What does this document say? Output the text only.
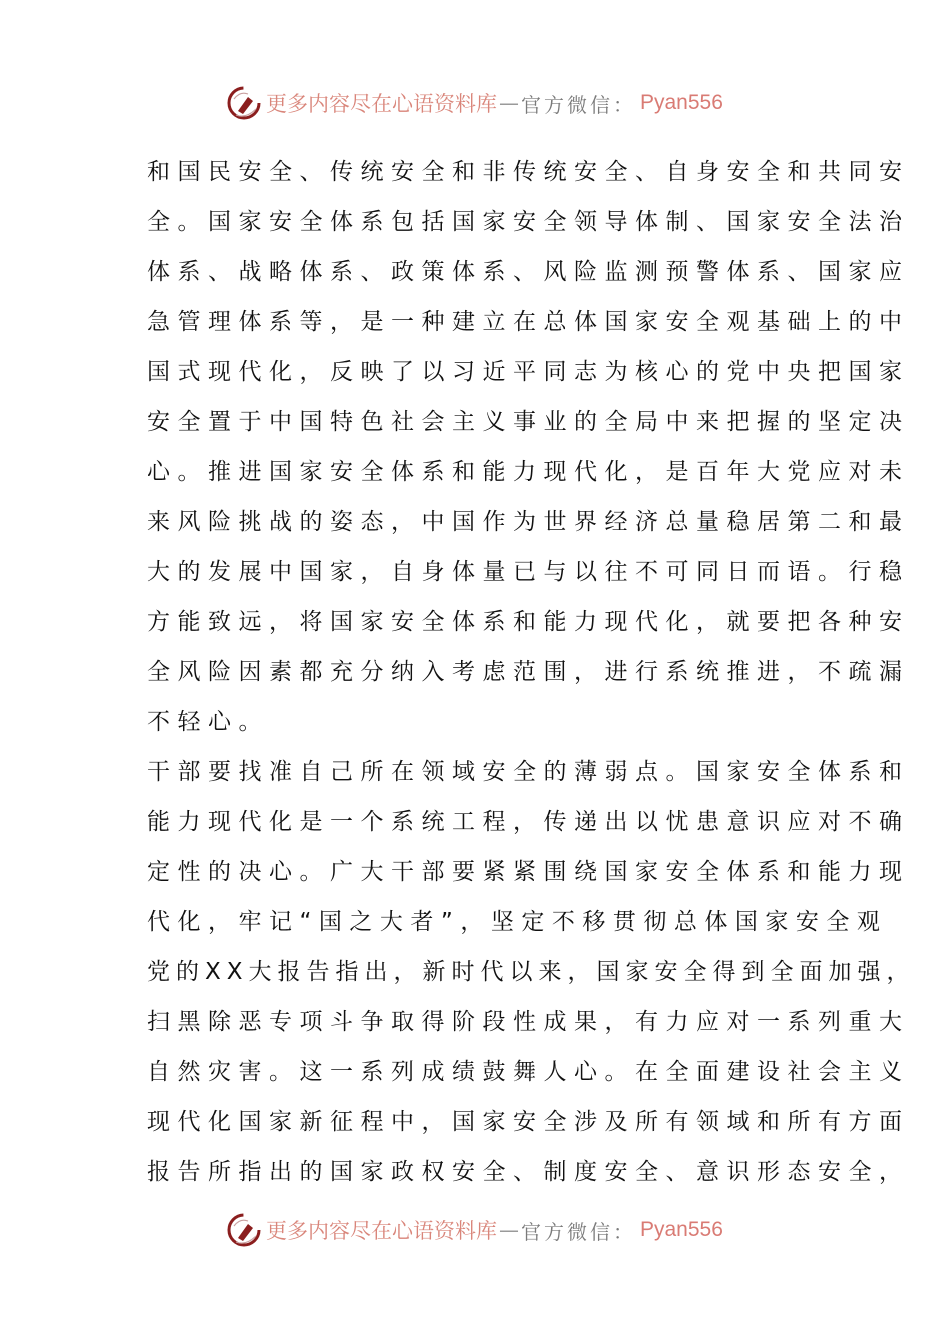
更多内容尽在心语资料库 — 官方微信： Pyan556
和国民安全、传统安全和非传统安全、自身安全和共同安
全。国家安全体系包括国家安全领导体制、国家安全法治
体系、战略体系、政策体系、风险监测预警体系、国家应
急管理体系等，是一种建立在总体国家安全观基础上的中
国式现代化，反映了以习近平同志为核心的党中央把国家
安全置于中国特色社会主义事业的全局中来把握的坚定决
心。推进国家安全体系和能力现代化，是百年大党应对未
来风险挑战的姿态，中国作为世界经济总量稳居第二和最
大的发展中国家，自身体量已与以往不可同日而语。行稳
方能致远，将国家安全体系和能力现代化，就要把各种安
全风险因素都充分纳入考虑范围，进行系统推进，不疏漏
不轻心。
干部要找准自己所在领域安全的薄弱点。国家安全体系和
能力现代化是一个系统工程，传递出以忧患意识应对不确
定性的决心。广大干部要紧紧围绕国家安全体系和能力现
代化，牢记“国之大者”，坚定不移贯彻总体国家安全观
党的XX大报告指出，新时代以来，国家安全得到全面加强，
扫黑除恶专项斗争取得阶段性成果，有力应对一系列重大
自然灾害。这一系列成绩鼓舞人心。在全面建设社会主义
现代化国家新征程中，国家安全涉及所有领域和所有方面
报告所指出的国家政权安全、制度安全、意识形态安全，
更多内容尽在心语资料库 — 官方微信： Pyan556
